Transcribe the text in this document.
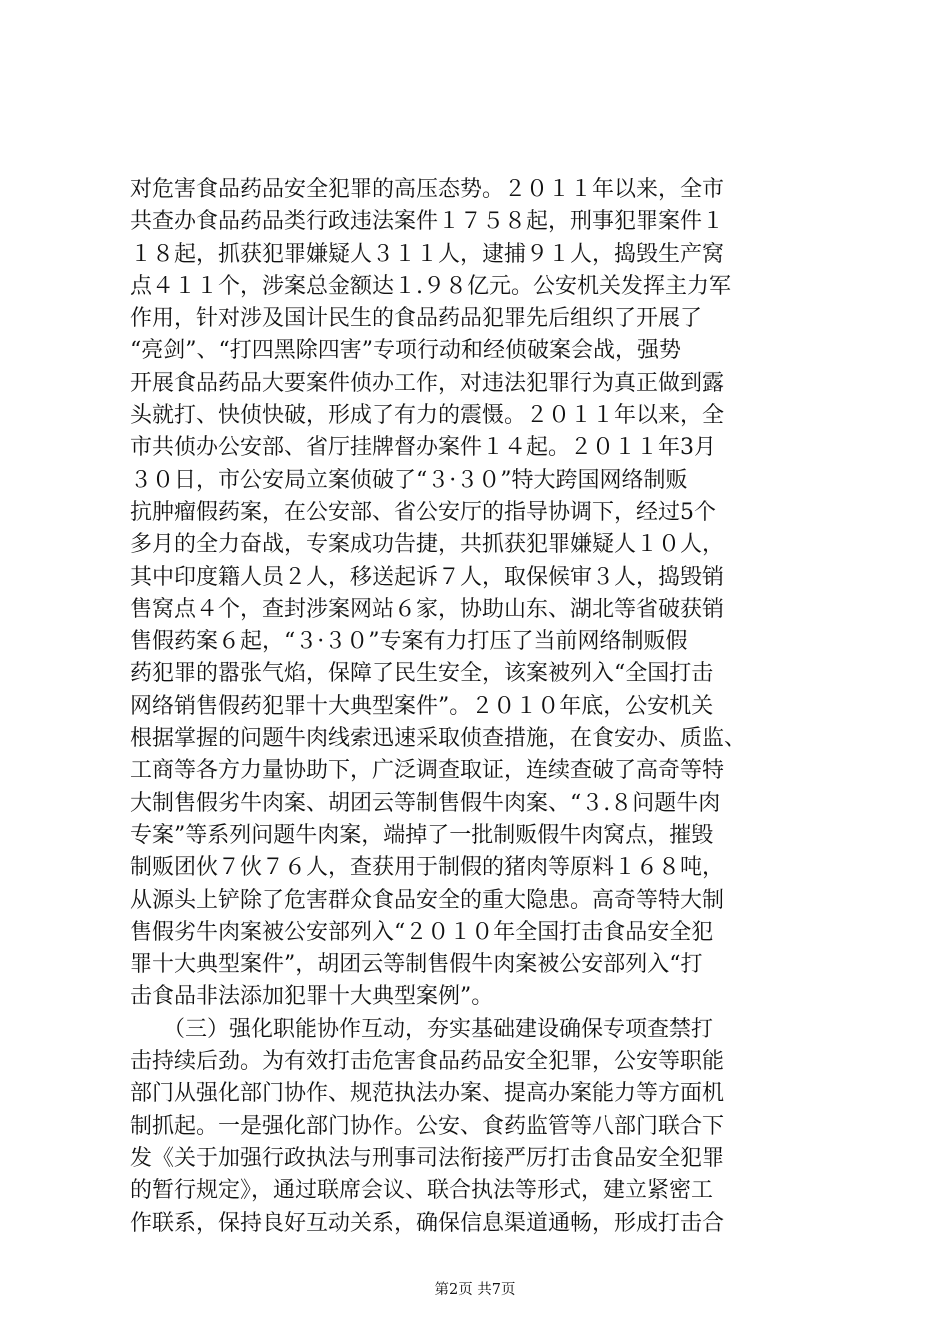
对危害食品药品安全犯罪的高压态势。２０１１年以来，全市
共查办食品药品类行政违法案件１７５８起，刑事犯罪案件１
１８起，抓获犯罪嫌疑人３１１人，逮捕９１人，捣毁生产窝
点４１１个，涉案总金额达１.９８亿元。公安机关发挥主力军
作用，针对涉及国计民生的食品药品犯罪先后组织了开展了
“亮剑”、“打四黑除四害”专项行动和经侦破案会战，强势
开展食品药品大要案件侦办工作，对违法犯罪行为真正做到露
头就打、快侦快破，形成了有力的震慑。２０１１年以来，全
市共侦办公安部、省厅挂牌督办案件１４起。２０１１年3月
３０日，市公安局立案侦破了“３·３０”特大跨国网络制贩
抗肿瘤假药案，在公安部、省公安厅的指导协调下，经过5个
多月的全力奋战，专案成功告捷，共抓获犯罪嫌疑人１０人，
其中印度籍人员２人，移送起诉７人，取保候审３人，捣毁销
售窝点４个，查封涉案网站６家，协助山东、湖北等省破获销
售假药案６起，“３·３０”专案有力打压了当前网络制贩假
药犯罪的嚣张气焰，保障了民生安全，该案被列入“全国打击
网络销售假药犯罪十大典型案件”。２０１０年底，公安机关
根据掌握的问题牛肉线索迅速采取侦查措施，在食安办、质监、
工商等各方力量协助下，广泛调查取证，连续查破了高奇等特
大制售假劣牛肉案、胡团云等制售假牛肉案、“３.８问题牛肉
专案”等系列问题牛肉案，端掉了一批制贩假牛肉窝点，摧毁
制贩团伙７伙７６人，查获用于制假的猪肉等原料１６８吨，
从源头上铲除了危害群众食品安全的重大隐患。高奇等特大制
售假劣牛肉案被公安部列入“２０１０年全国打击食品安全犯
罪十大典型案件”，胡团云等制售假牛肉案被公安部列入“打
击食品非法添加犯罪十大典型案例”。
　　（三）强化职能协作互动，夯实基础建设确保专项查禁打
击持续后劲。为有效打击危害食品药品安全犯罪，公安等职能
部门从强化部门协作、规范执法办案、提高办案能力等方面机
制抓起。一是强化部门协作。公安、食药监管等八部门联合下
发《关于加强行政执法与刑事司法衔接严厉打击食品安全犯罪
的暂行规定》，通过联席会议、联合执法等形式，建立紧密工
作联系，保持良好互动关系，确保信息渠道通畅，形成打击合
第2页 共7页
